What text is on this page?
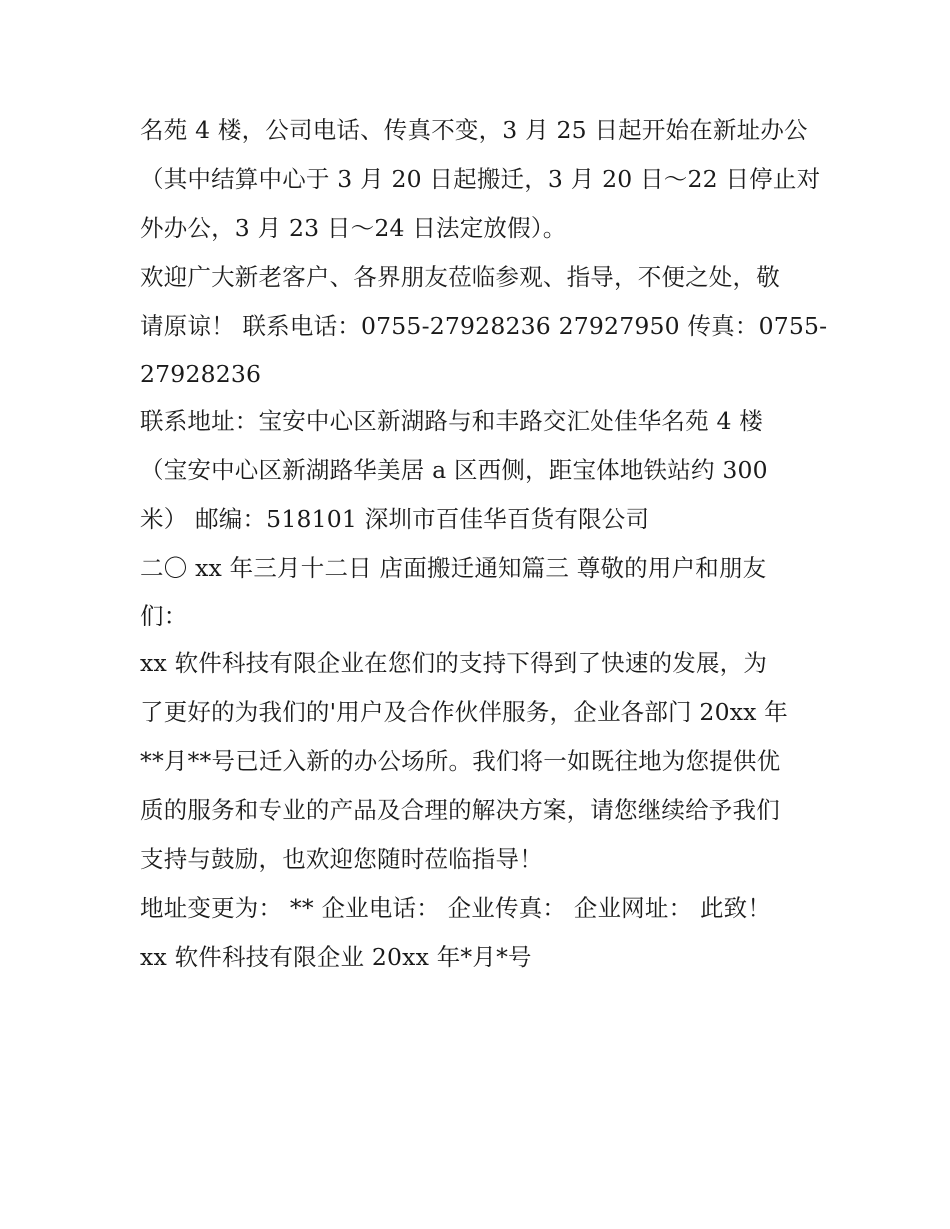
名苑 4 楼，公司电话、传真不变，3 月 25 日起开始在新址办公
（其中结算中心于 3 月 20 日起搬迁，3 月 20 日～22 日停止对
外办公，3 月 23 日～24 日法定放假）。
欢迎广大新老客户、各界朋友莅临参观、指导，不便之处，敬
请原谅！ 联系电话：0755-27928236 27927950 传真：0755-
27928236
联系地址：宝安中心区新湖路与和丰路交汇处佳华名苑 4 楼
（宝安中心区新湖路华美居 a 区西侧，距宝体地铁站约 300
米） 邮编：518101 深圳市百佳华百货有限公司
二〇 xx 年三月十二日 店面搬迁通知篇三 尊敬的用户和朋友
们：
xx 软件科技有限企业在您们的支持下得到了快速的发展，为
了更好的为我们的'用户及合作伙伴服务，企业各部门 20xx 年
**月**号已迁入新的办公场所。我们将一如既往地为您提供优
质的服务和专业的产品及合理的解决方案，请您继续给予我们
支持与鼓励，也欢迎您随时莅临指导！
地址变更为： ** 企业电话： 企业传真： 企业网址： 此致！
xx 软件科技有限企业 20xx 年*月*号
